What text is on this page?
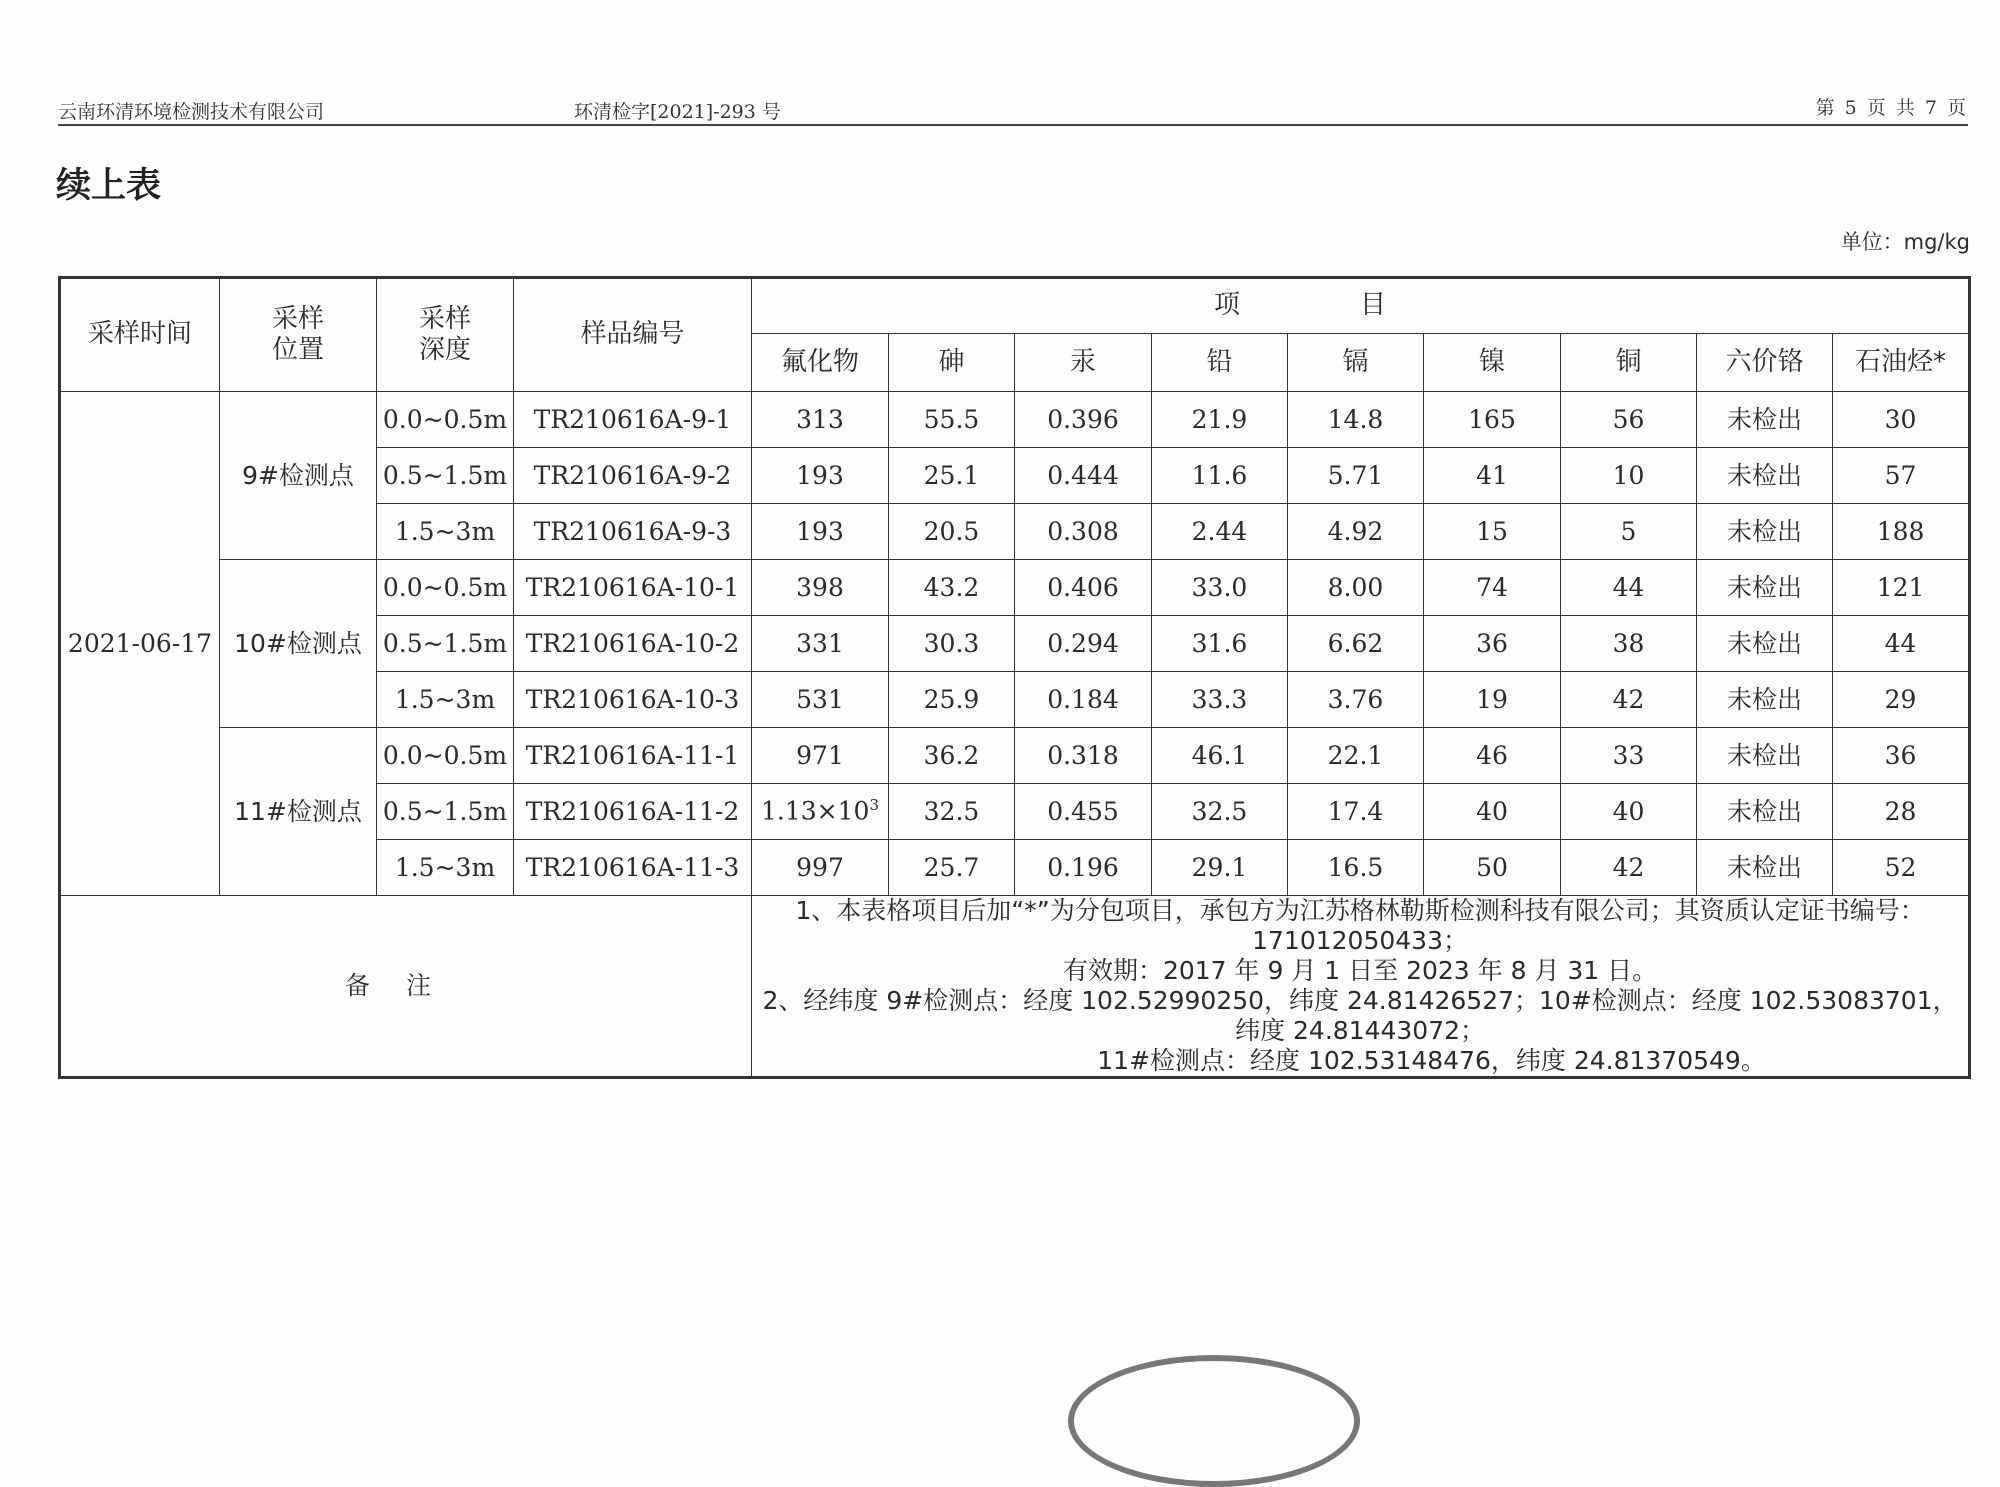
云南环清环境检测技术有限公司	环清检字[2021]-293 号	第 5 页 共 7 页
续上表
单位：mg/kg
采样时间	采样位置	采样深度	样品编号	项目								
				氟化物	砷	汞	铅	镉	镍	铜	六价铬	石油烃*
2021-06-17	9#检测点	0.0~0.5m	TR210616A-9-1	313	55.5	0.396	21.9	14.8	165	56	未检出	30
		0.5~1.5m	TR210616A-9-2	193	25.1	0.444	11.6	5.71	41	10	未检出	57
		1.5~3m	TR210616A-9-3	193	20.5	0.308	2.44	4.92	15	5	未检出	188
	10#检测点	0.0~0.5m	TR210616A-10-1	398	43.2	0.406	33.0	8.00	74	44	未检出	121
		0.5~1.5m	TR210616A-10-2	331	30.3	0.294	31.6	6.62	36	38	未检出	44
		1.5~3m	TR210616A-10-3	531	25.9	0.184	33.3	3.76	19	42	未检出	29
	11#检测点	0.0~0.5m	TR210616A-11-1	971	36.2	0.318	46.1	22.1	46	33	未检出	36
		0.5~1.5m	TR210616A-11-2	$1.13\times 10^3$	32.5	0.455	32.5	17.4	40	40	未检出	28
		1.5~3m	TR210616A-11-3	997	25.7	0.196	29.1	16.5	50	42	未检出	52
备注				1、本表格项目后加“*”为分包项目，承包方为江苏格林勒斯检测科技有限公司；其资质认定证书编号：171012050433；
有效期：2017 年 9 月 1 日至 2023 年 8 月 31 日。
2、经纬度 9#检测点：经度 102.52990250，纬度 24.81426527；10#检测点：经度 102.53083701，纬度 24.81443072；
11#检测点：经度 102.53148476，纬度 24.81370549。								
